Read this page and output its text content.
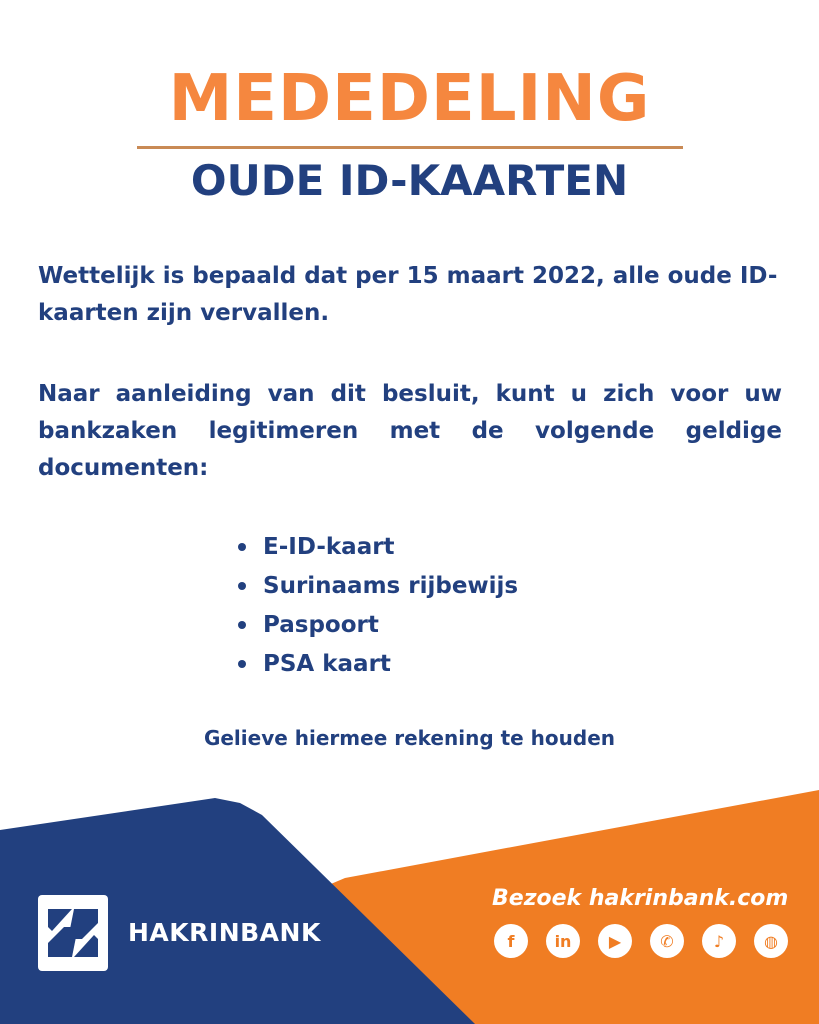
MEDEDELING
OUDE ID-KAARTEN
Wettelijk is bepaald dat per 15 maart 2022, alle oude ID- kaarten zijn vervallen.
Naar aanleiding van dit besluit, kunt u zich voor uw bankzaken legitimeren met de volgende geldige documenten:
E-ID-kaart
Surinaams rijbewijs
Paspoort
PSA kaart
Gelieve hiermee rekening te houden
HAKRINBANK
Bezoek hakrinbank.com
f	in	▶	✆	♪	◍
